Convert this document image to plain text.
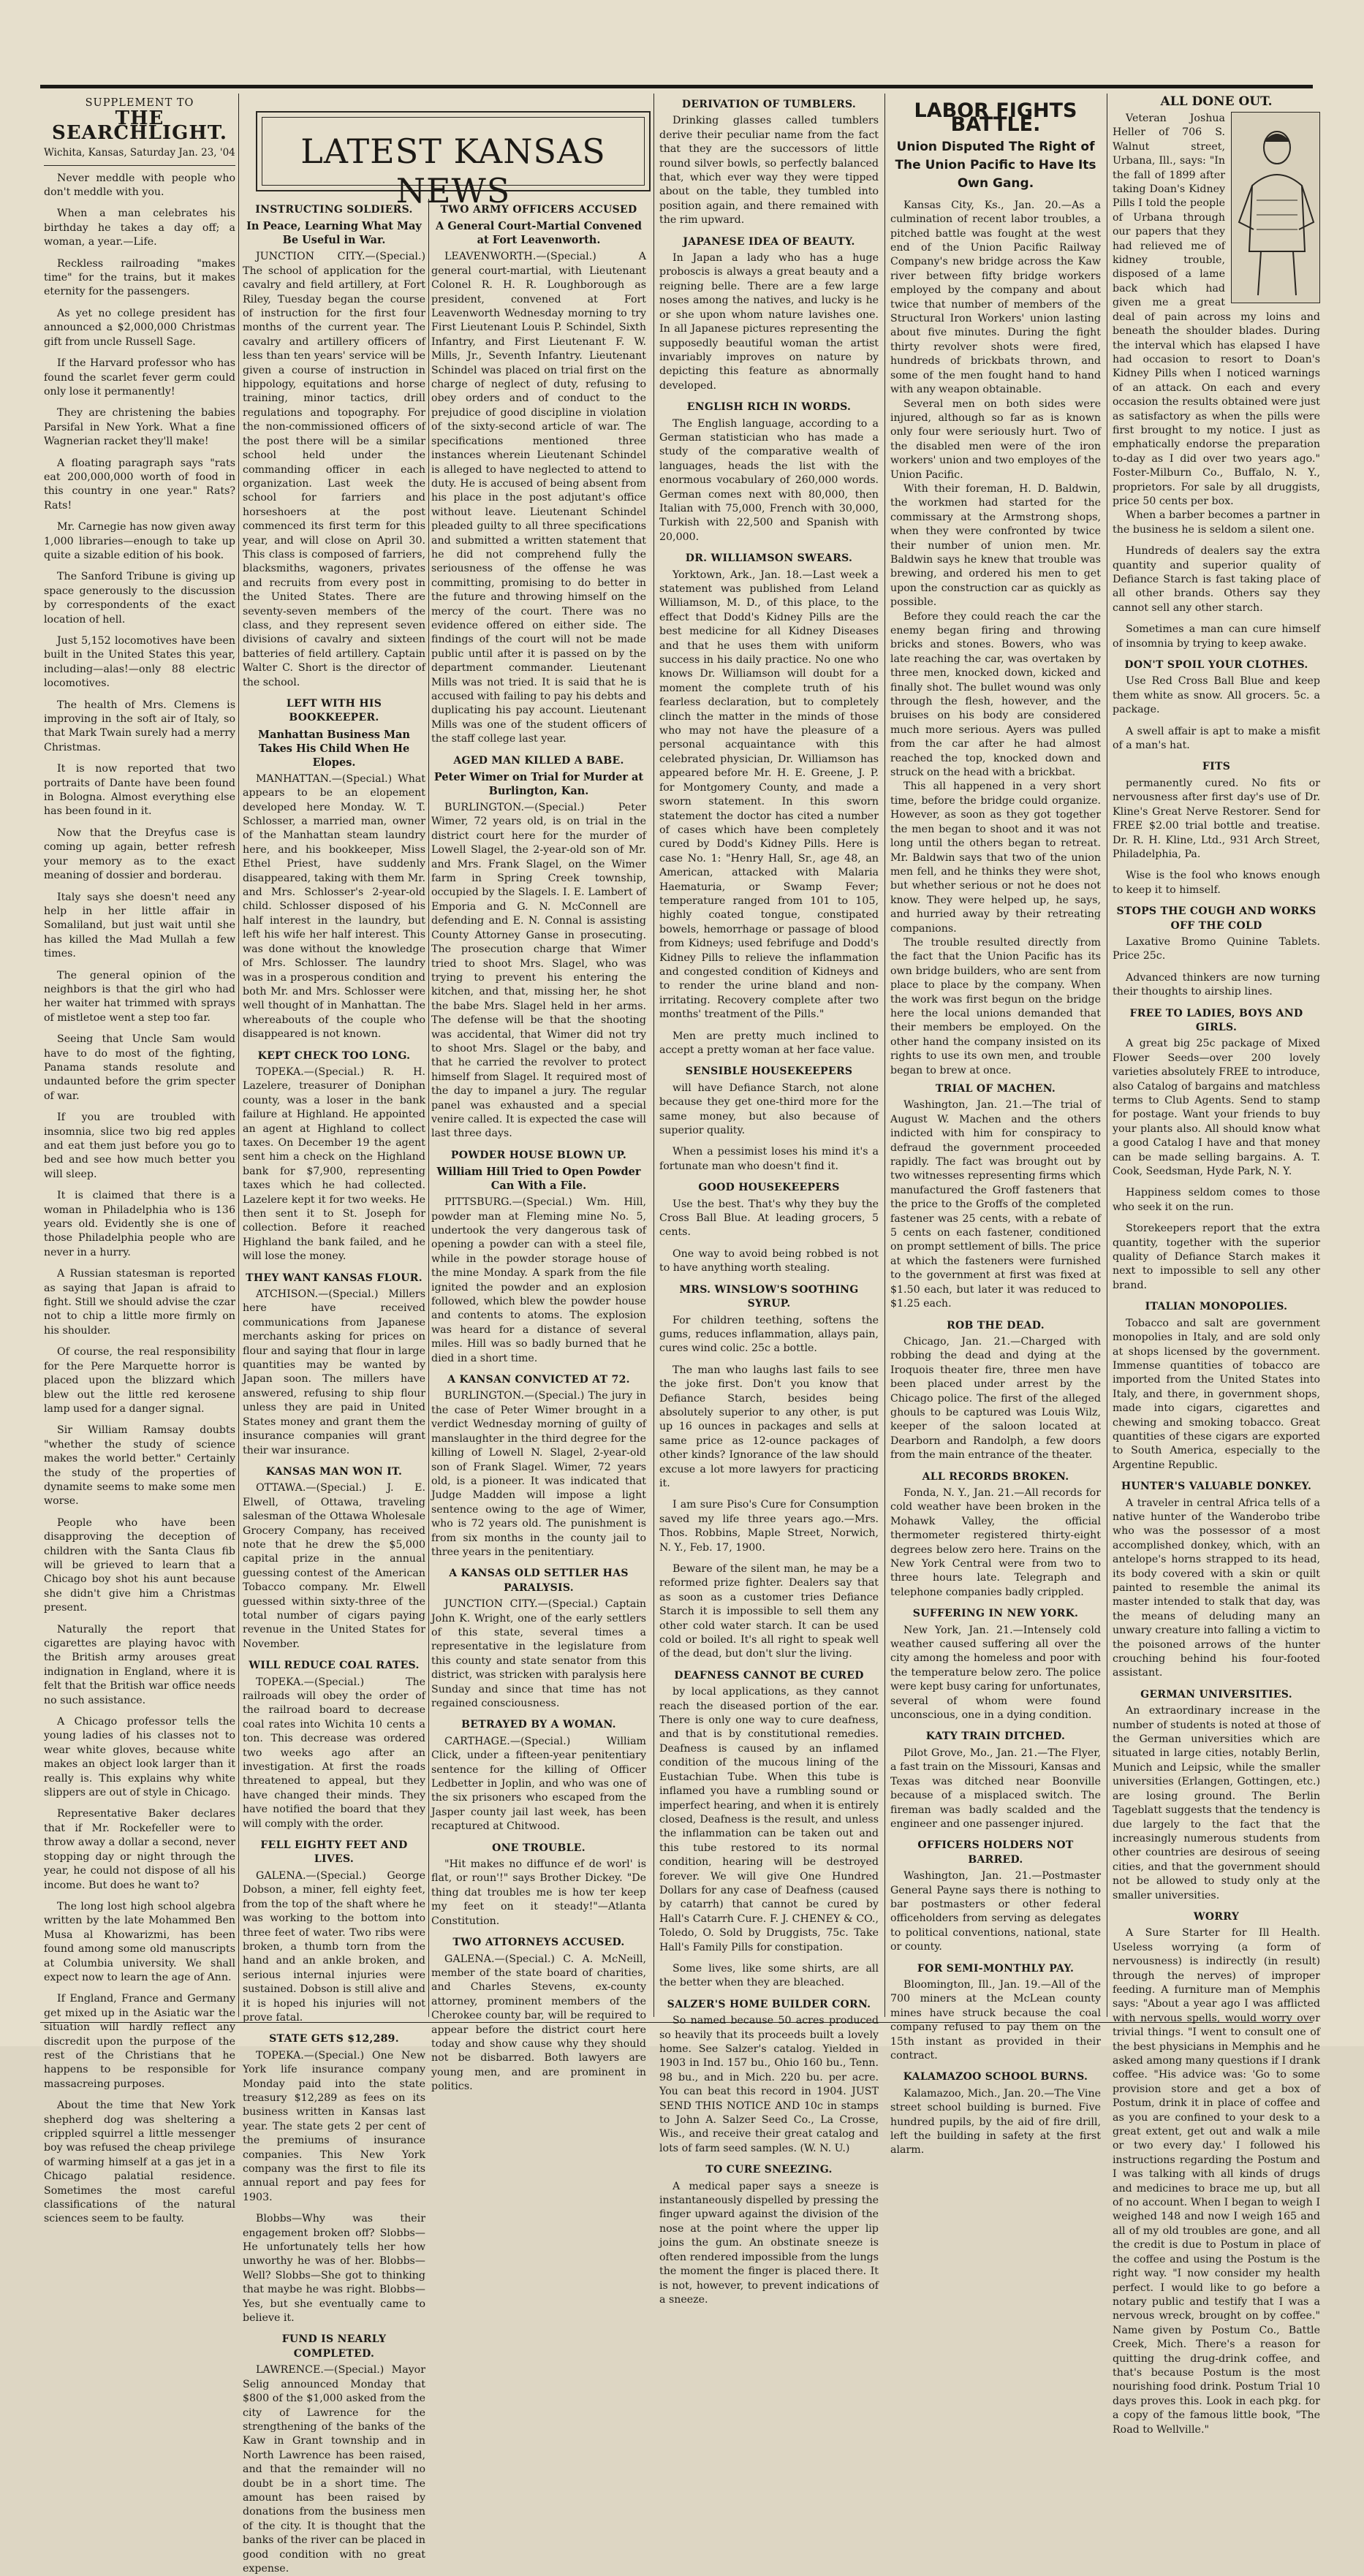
SUPPLEMENT TO
THE SEARCHLIGHT.
Wichita, Kansas, Saturday Jan. 23, '04
Never meddle with people who don't meddle with you.
When a man celebrates his birthday he takes a day off; a woman, a year.—Life.
Reckless railroading "makes time" for the trains, but it makes eternity for the passengers.
As yet no college president has announced a $2,000,000 Christmas gift from uncle Russell Sage.
If the Harvard professor who has found the scarlet fever germ could only lose it permanently!
They are christening the babies Parsifal in New York. What a fine Wagnerian racket they'll make!
A floating paragraph says "rats eat 200,000,000 worth of food in this country in one year." Rats? Rats!
Mr. Carnegie has now given away 1,000 libraries—enough to take up quite a sizable edition of his book.
The Sanford Tribune is giving up space generously to the discussion by correspondents of the exact location of hell.
Just 5,152 locomotives have been built in the United States this year, including—alas!—only 88 electric locomotives.
The health of Mrs. Clemens is improving in the soft air of Italy, so that Mark Twain surely had a merry Christmas.
It is now reported that two portraits of Dante have been found in Bologna. Almost everything else has been found in it.
Now that the Dreyfus case is coming up again, better refresh your memory as to the exact meaning of dossier and borderau.
Italy says she doesn't need any help in her little affair in Somaliland, but just wait until she has killed the Mad Mullah a few times.
The general opinion of the neighbors is that the girl who had her waiter hat trimmed with sprays of mistletoe went a step too far.
Seeing that Uncle Sam would have to do most of the fighting, Panama stands resolute and undaunted before the grim specter of war.
If you are troubled with insomnia, slice two big red apples and eat them just before you go to bed and see how much better you will sleep.
It is claimed that there is a woman in Philadelphia who is 136 years old. Evidently she is one of those Philadelphia people who are never in a hurry.
A Russian statesman is reported as saying that Japan is afraid to fight. Still we should advise the czar not to chip a little more firmly on his shoulder.
Of course, the real responsibility for the Pere Marquette horror is placed upon the blizzard which blew out the little red kerosene lamp used for a danger signal.
Sir William Ramsay doubts "whether the study of science makes the world better." Certainly the study of the properties of dynamite seems to make some men worse.
People who have been disapproving the deception of children with the Santa Claus fib will be grieved to learn that a Chicago boy shot his aunt because she didn't give him a Christmas present.
Naturally the report that cigarettes are playing havoc with the British army arouses great indignation in England, where it is felt that the British war office needs no such assistance.
A Chicago professor tells the young ladies of his classes not to wear white gloves, because white makes an object look larger than it really is. This explains why white slippers are out of style in Chicago.
Representative Baker declares that if Mr. Rockefeller were to throw away a dollar a second, never stopping day or night through the year, he could not dispose of all his income. But does he want to?
The long lost high school algebra written by the late Mohammed Ben Musa al Khowarizmi, has been found among some old manuscripts at Columbia university. We shall expect now to learn the age of Ann.
If England, France and Germany get mixed up in the Asiatic war the situation will hardly reflect any discredit upon the purpose of the rest of the Christians that he happens to be responsible for massacreing purposes.
About the time that New York shepherd dog was sheltering a crippled squirrel a little messenger boy was refused the cheap privilege of warming himself at a gas jet in a Chicago palatial residence. Sometimes the most careful classifications of the natural sciences seem to be faulty.
LATEST KANSAS NEWS
INSTRUCTING SOLDIERS.
In Peace, Learning What May Be Useful in War.
JUNCTION CITY.—(Special.) The school of application for the cavalry and field artillery, at Fort Riley, Tuesday began the course of instruction for the first four months of the current year. The cavalry and artillery officers of less than ten years' service will be given a course of instruction in hippology, equitations and horse training, minor tactics, drill regulations and topography. For the non-commissioned officers of the post there will be a similar school held under the commanding officer in each organization. Last week the school for farriers and horseshoers at the post commenced its first term for this year, and will close on April 30. This class is composed of farriers, blacksmiths, wagoners, privates and recruits from every post in the United States. There are seventy-seven members of the class, and they represent seven divisions of cavalry and sixteen batteries of field artillery. Captain Walter C. Short is the director of the school.
LEFT WITH HIS BOOKKEEPER.
Manhattan Business Man Takes His Child When He Elopes.
MANHATTAN.—(Special.) What appears to be an elopement developed here Monday. W. T. Schlosser, a married man, owner of the Manhattan steam laundry here, and his bookkeeper, Miss Ethel Priest, have suddenly disappeared, taking with them Mr. and Mrs. Schlosser's 2-year-old child. Schlosser disposed of his half interest in the laundry, but left his wife her half interest. This was done without the knowledge of Mrs. Schlosser. The laundry was in a prosperous condition and both Mr. and Mrs. Schlosser were well thought of in Manhattan. The whereabouts of the couple who disappeared is not known.
KEPT CHECK TOO LONG.
TOPEKA.—(Special.) R. H. Lazelere, treasurer of Doniphan county, was a loser in the bank failure at Highland. He appointed an agent at Highland to collect taxes. On December 19 the agent sent him a check on the Highland bank for $7,900, representing taxes which he had collected. Lazelere kept it for two weeks. He then sent it to St. Joseph for collection. Before it reached Highland the bank failed, and he will lose the money.
THEY WANT KANSAS FLOUR.
ATCHISON.—(Special.) Millers here have received communications from Japanese merchants asking for prices on flour and saying that flour in large quantities may be wanted by Japan soon. The millers have answered, refusing to ship flour unless they are paid in United States money and grant them the insurance companies will grant their war insurance.
KANSAS MAN WON IT.
OTTAWA.—(Special.) J. E. Elwell, of Ottawa, traveling salesman of the Ottawa Wholesale Grocery Company, has received note that he drew the $5,000 capital prize in the annual guessing contest of the American Tobacco company. Mr. Elwell guessed within sixty-three of the total number of cigars paying revenue in the United States for November.
WILL REDUCE COAL RATES.
TOPEKA.—(Special.) The railroads will obey the order of the railroad board to decrease coal rates into Wichita 10 cents a ton. This decrease was ordered two weeks ago after an investigation. At first the roads threatened to appeal, but they have changed their minds. They have notified the board that they will comply with the order.
FELL EIGHTY FEET AND LIVES.
GALENA.—(Special.) George Dobson, a miner, fell eighty feet, from the top of the shaft where he was working to the bottom into three feet of water. Two ribs were broken, a thumb torn from the hand and an ankle broken, and serious internal injuries were sustained. Dobson is still alive and it is hoped his injuries will not prove fatal.
STATE GETS $12,289.
TOPEKA.—(Special.) One New York life insurance company Monday paid into the state treasury $12,289 as fees on its business written in Kansas last year. The state gets 2 per cent of the premiums of insurance companies. This New York company was the first to file its annual report and pay fees for 1903.
Blobbs—Why was their engagement broken off? Slobbs—He unfortunately tells her how unworthy he was of her. Blobbs—Well? Slobbs—She got to thinking that maybe he was right. Blobbs—Yes, but she eventually came to believe it.
FUND IS NEARLY COMPLETED.
LAWRENCE.—(Special.) Mayor Selig announced Monday that $800 of the $1,000 asked from the city of Lawrence for the strengthening of the banks of the Kaw in Grant township and in North Lawrence has been raised, and that the remainder will no doubt be in a short time. The amount has been raised by donations from the business men of the city. It is thought that the banks of the river can be placed in good condition with no great expense.
TWO ARMY OFFICERS ACCUSED
A General Court-Martial Convened at Fort Leavenworth.
LEAVENWORTH.—(Special.) A general court-martial, with Lieutenant Colonel R. H. R. Loughborough as president, convened at Fort Leavenworth Wednesday morning to try First Lieutenant Louis P. Schindel, Sixth Infantry, and First Lieutenant F. W. Mills, Jr., Seventh Infantry. Lieutenant Schindel was placed on trial first on the charge of neglect of duty, refusing to obey orders and of conduct to the prejudice of good discipline in violation of the sixty-second article of war. The specifications mentioned three instances wherein Lieutenant Schindel is alleged to have neglected to attend to duty. He is accused of being absent from his place in the post adjutant's office without leave. Lieutenant Schindel pleaded guilty to all three specifications and submitted a written statement that he did not comprehend fully the seriousness of the offense he was committing, promising to do better in the future and throwing himself on the mercy of the court. There was no evidence offered on either side. The findings of the court will not be made public until after it is passed on by the department commander. Lieutenant Mills was not tried. It is said that he is accused with failing to pay his debts and duplicating his pay account. Lieutenant Mills was one of the student officers of the staff college last year.
AGED MAN KILLED A BABE.
Peter Wimer on Trial for Murder at Burlington, Kan.
BURLINGTON.—(Special.) Peter Wimer, 72 years old, is on trial in the district court here for the murder of Lowell Slagel, the 2-year-old son of Mr. and Mrs. Frank Slagel, on the Wimer farm in Spring Creek township, occupied by the Slagels. I. E. Lambert of Emporia and G. N. McConnell are defending and E. N. Connal is assisting County Attorney Ganse in prosecuting. The prosecution charge that Wimer tried to shoot Mrs. Slagel, who was trying to prevent his entering the kitchen, and that, missing her, he shot the babe Mrs. Slagel held in her arms. The defense will be that the shooting was accidental, that Wimer did not try to shoot Mrs. Slagel or the baby, and that he carried the revolver to protect himself from Slagel. It required most of the day to impanel a jury. The regular panel was exhausted and a special venire called. It is expected the case will last three days.
POWDER HOUSE BLOWN UP.
William Hill Tried to Open Powder Can With a File.
PITTSBURG.—(Special.) Wm. Hill, powder man at Fleming mine No. 5, undertook the very dangerous task of opening a powder can with a steel file, while in the powder storage house of the mine Monday. A spark from the file ignited the powder and an explosion followed, which blew the powder house and contents to atoms. The explosion was heard for a distance of several miles. Hill was so badly burned that he died in a short time.
A KANSAN CONVICTED AT 72.
BURLINGTON.—(Special.) The jury in the case of Peter Wimer brought in a verdict Wednesday morning of guilty of manslaughter in the third degree for the killing of Lowell N. Slagel, 2-year-old son of Frank Slagel. Wimer, 72 years old, is a pioneer. It was indicated that Judge Madden will impose a light sentence owing to the age of Wimer, who is 72 years old. The punishment is from six months in the county jail to three years in the penitentiary.
A KANSAS OLD SETTLER HAS PARALYSIS.
JUNCTION CITY.—(Special.) Captain John K. Wright, one of the early settlers of this state, several times a representative in the legislature from this county and state senator from this district, was stricken with paralysis here Sunday and since that time has not regained consciousness.
BETRAYED BY A WOMAN.
CARTHAGE.—(Special.) William Click, under a fifteen-year penitentiary sentence for the killing of Officer Ledbetter in Joplin, and who was one of the six prisoners who escaped from the Jasper county jail last week, has been recaptured at Chitwood.
ONE TROUBLE.
"Hit makes no diffunce ef de worl' is flat, or roun'!" says Brother Dickey. "De thing dat troubles me is how ter keep my feet on it steady!"—Atlanta Constitution.
TWO ATTORNEYS ACCUSED.
GALENA.—(Special.) C. A. McNeill, member of the state board of charities, and Charles Stevens, ex-county attorney, prominent members of the Cherokee county bar, will be required to appear before the district court here today and show cause why they should not be disbarred. Both lawyers are young men, and are prominent in politics.
DERIVATION OF TUMBLERS.
Drinking glasses called tumblers derive their peculiar name from the fact that they are the successors of little round silver bowls, so perfectly balanced that, which ever way they were tipped about on the table, they tumbled into position again, and there remained with the rim upward.
JAPANESE IDEA OF BEAUTY.
In Japan a lady who has a huge proboscis is always a great beauty and a reigning belle. There are a few large noses among the natives, and lucky is he or she upon whom nature lavishes one. In all Japanese pictures representing the supposedly beautiful woman the artist invariably improves on nature by depicting this feature as abnormally developed.
ENGLISH RICH IN WORDS.
The English language, according to a German statistician who has made a study of the comparative wealth of languages, heads the list with the enormous vocabulary of 260,000 words. German comes next with 80,000, then Italian with 75,000, French with 30,000, Turkish with 22,500 and Spanish with 20,000.
DR. WILLIAMSON SWEARS.
Yorktown, Ark., Jan. 18.—Last week a statement was published from Leland Williamson, M. D., of this place, to the effect that Dodd's Kidney Pills are the best medicine for all Kidney Diseases and that he uses them with uniform success in his daily practice. No one who knows Dr. Williamson will doubt for a moment the complete truth of his fearless declaration, but to completely clinch the matter in the minds of those who may not have the pleasure of a personal acquaintance with this celebrated physician, Dr. Williamson has appeared before Mr. H. E. Greene, J. P. for Montgomery County, and made a sworn statement. In this sworn statement the doctor has cited a number of cases which have been completely cured by Dodd's Kidney Pills. Here is case No. 1: "Henry Hall, Sr., age 48, an American, attacked with Malaria Haematuria, or Swamp Fever; temperature ranged from 101 to 105, highly coated tongue, constipated bowels, hemorrhage or passage of blood from Kidneys; used febrifuge and Dodd's Kidney Pills to relieve the inflammation and congested condition of Kidneys and to render the urine bland and non-irritating. Recovery complete after two months' treatment of the Pills."
Men are pretty much inclined to accept a pretty woman at her face value.
SENSIBLE HOUSEKEEPERS
will have Defiance Starch, not alone because they get one-third more for the same money, but also because of superior quality.
When a pessimist loses his mind it's a fortunate man who doesn't find it.
GOOD HOUSEKEEPERS
Use the best. That's why they buy the Cross Ball Blue. At leading grocers, 5 cents.
One way to avoid being robbed is not to have anything worth stealing.
MRS. WINSLOW'S SOOTHING SYRUP.
For children teething, softens the gums, reduces inflammation, allays pain, cures wind colic. 25c a bottle.
The man who laughs last fails to see the joke first. Don't you know that Defiance Starch, besides being absolutely superior to any other, is put up 16 ounces in packages and sells at same price as 12-ounce packages of other kinds? Ignorance of the law should excuse a lot more lawyers for practicing it.
I am sure Piso's Cure for Consumption saved my life three years ago.—Mrs. Thos. Robbins, Maple Street, Norwich, N. Y., Feb. 17, 1900.
Beware of the silent man, he may be a reformed prize fighter. Dealers say that as soon as a customer tries Defiance Starch it is impossible to sell them any other cold water starch. It can be used cold or boiled. It's all right to speak well of the dead, but don't slur the living.
DEAFNESS CANNOT BE CURED
by local applications, as they cannot reach the diseased portion of the ear. There is only one way to cure deafness, and that is by constitutional remedies. Deafness is caused by an inflamed condition of the mucous lining of the Eustachian Tube. When this tube is inflamed you have a rumbling sound or imperfect hearing, and when it is entirely closed, Deafness is the result, and unless the inflammation can be taken out and this tube restored to its normal condition, hearing will be destroyed forever. We will give One Hundred Dollars for any case of Deafness (caused by catarrh) that cannot be cured by Hall's Catarrh Cure. F. J. CHENEY & CO., Toledo, O. Sold by Druggists, 75c. Take Hall's Family Pills for constipation.
Some lives, like some shirts, are all the better when they are bleached.
SALZER'S HOME BUILDER CORN.
So named because 50 acres produced so heavily that its proceeds built a lovely home. See Salzer's catalog. Yielded in 1903 in Ind. 157 bu., Ohio 160 bu., Tenn. 98 bu., and in Mich. 220 bu. per acre. You can beat this record in 1904. JUST SEND THIS NOTICE AND 10c in stamps to John A. Salzer Seed Co., La Crosse, Wis., and receive their great catalog and lots of farm seed samples. (W. N. U.)
TO CURE SNEEZING.
A medical paper says a sneeze is instantaneously dispelled by pressing the finger upward against the division of the nose at the point where the upper lip joins the gum. An obstinate sneeze is often rendered impossible from the lungs the moment the finger is placed there. It is not, however, to prevent indications of a sneeze.
LABOR FIGHTS BATTLE.
Union Disputed The Right of The Union Pacific to Have Its Own Gang.
Kansas City, Ks., Jan. 20.—As a culmination of recent labor troubles, a pitched battle was fought at the west end of the Union Pacific Railway Company's new bridge across the Kaw river between fifty bridge workers employed by the company and about twice that number of members of the Structural Iron Workers' union lasting about five minutes. During the fight thirty revolver shots were fired, hundreds of brickbats thrown, and some of the men fought hand to hand with any weapon obtainable.
Several men on both sides were injured, although so far as is known only four were seriously hurt. Two of the disabled men were of the iron workers' union and two employes of the Union Pacific.
With their foreman, H. D. Baldwin, the workmen had started for the commissary at the Armstrong shops, when they were confronted by twice their number of union men. Mr. Baldwin says he knew that trouble was brewing, and ordered his men to get upon the construction car as quickly as possible.
Before they could reach the car the enemy began firing and throwing bricks and stones. Bowers, who was late reaching the car, was overtaken by three men, knocked down, kicked and finally shot. The bullet wound was only through the flesh, however, and the bruises on his body are considered much more serious. Ayers was pulled from the car after he had almost reached the top, knocked down and struck on the head with a brickbat.
This all happened in a very short time, before the bridge could organize. However, as soon as they got together the men began to shoot and it was not long until the others began to retreat. Mr. Baldwin says that two of the union men fell, and he thinks they were shot, but whether serious or not he does not know. They were helped up, he says, and hurried away by their retreating companions.
The trouble resulted directly from the fact that the Union Pacific has its own bridge builders, who are sent from place to place by the company. When the work was first begun on the bridge here the local unions demanded that their members be employed. On the other hand the company insisted on its rights to use its own men, and trouble began to brew at once.
TRIAL OF MACHEN.
Washington, Jan. 21.—The trial of August W. Machen and the others indicted with him for conspiracy to defraud the government proceeded rapidly. The fact was brought out by two witnesses representing firms which manufactured the Groff fasteners that the price to the Groffs of the completed fastener was 25 cents, with a rebate of 5 cents on each fastener, conditioned on prompt settlement of bills. The price at which the fasteners were furnished to the government at first was fixed at $1.50 each, but later it was reduced to $1.25 each.
ROB THE DEAD.
Chicago, Jan. 21.—Charged with robbing the dead and dying at the Iroquois theater fire, three men have been placed under arrest by the Chicago police. The first of the alleged ghouls to be captured was Louis Wilz, keeper of the saloon located at Dearborn and Randolph, a few doors from the main entrance of the theater.
ALL RECORDS BROKEN.
Fonda, N. Y., Jan. 21.—All records for cold weather have been broken in the Mohawk Valley, the official thermometer registered thirty-eight degrees below zero here. Trains on the New York Central were from two to three hours late. Telegraph and telephone companies badly crippled.
SUFFERING IN NEW YORK.
New York, Jan. 21.—Intensely cold weather caused suffering all over the city among the homeless and poor with the temperature below zero. The police were kept busy caring for unfortunates, several of whom were found unconscious, one in a dying condition.
KATY TRAIN DITCHED.
Pilot Grove, Mo., Jan. 21.—The Flyer, a fast train on the Missouri, Kansas and Texas was ditched near Boonville because of a misplaced switch. The fireman was badly scalded and the engineer and one passenger injured.
OFFICERS HOLDERS NOT BARRED.
Washington, Jan. 21.—Postmaster General Payne says there is nothing to bar postmasters or other federal officeholders from serving as delegates to political conventions, national, state or county.
FOR SEMI-MONTHLY PAY.
Bloomington, Ill., Jan. 19.—All of the 700 miners at the McLean county mines have struck because the coal company refused to pay them on the 15th instant as provided in their contract.
KALAMAZOO SCHOOL BURNS.
Kalamazoo, Mich., Jan. 20.—The Vine street school building is burned. Five hundred pupils, by the aid of fire drill, left the building in safety at the first alarm.
ALL DONE OUT.
Veteran Joshua Heller of 706 S. Walnut street, Urbana, Ill., says: "In the fall of 1899 after taking Doan's Kidney Pills I told the people of Urbana through our papers that they had relieved me of kidney trouble, disposed of a lame back which had given me a great deal of pain across my loins and beneath the shoulder blades. During the interval which has elapsed I have had occasion to resort to Doan's Kidney Pills when I noticed warnings of an attack. On each and every occasion the results obtained were just as satisfactory as when the pills were first brought to my notice. I just as emphatically endorse the preparation to-day as I did over two years ago." Foster-Milburn Co., Buffalo, N. Y., proprietors. For sale by all druggists, price 50 cents per box.
When a barber becomes a partner in the business he is seldom a silent one.
Hundreds of dealers say the extra quantity and superior quality of Defiance Starch is fast taking place of all other brands. Others say they cannot sell any other starch.
Sometimes a man can cure himself of insomnia by trying to keep awake.
DON'T SPOIL YOUR CLOTHES.
Use Red Cross Ball Blue and keep them white as snow. All grocers. 5c. a package.
A swell affair is apt to make a misfit of a man's hat.
FITS
permanently cured. No fits or nervousness after first day's use of Dr. Kline's Great Nerve Restorer. Send for FREE $2.00 trial bottle and treatise. Dr. R. H. Kline, Ltd., 931 Arch Street, Philadelphia, Pa.
Wise is the fool who knows enough to keep it to himself.
STOPS THE COUGH AND WORKS OFF THE COLD
Laxative Bromo Quinine Tablets. Price 25c.
Advanced thinkers are now turning their thoughts to airship lines.
FREE TO LADIES, BOYS AND GIRLS.
A great big 25c package of Mixed Flower Seeds—over 200 lovely varieties absolutely FREE to introduce, also Catalog of bargains and matchless terms to Club Agents. Send to stamp for postage. Want your friends to buy your plants also. All should know what a good Catalog I have and that money can be made selling bargains. A. T. Cook, Seedsman, Hyde Park, N. Y.
Happiness seldom comes to those who seek it on the run.
Storekeepers report that the extra quantity, together with the superior quality of Defiance Starch makes it next to impossible to sell any other brand.
ITALIAN MONOPOLIES.
Tobacco and salt are government monopolies in Italy, and are sold only at shops licensed by the government. Immense quantities of tobacco are imported from the United States into Italy, and there, in government shops, made into cigars, cigarettes and chewing and smoking tobacco. Great quantities of these cigars are exported to South America, especially to the Argentine Republic.
HUNTER'S VALUABLE DONKEY.
A traveler in central Africa tells of a native hunter of the Wanderobo tribe who was the possessor of a most accomplished donkey, which, with an antelope's horns strapped to its head, its body covered with a skin or quilt painted to resemble the animal its master intended to stalk that day, was the means of deluding many an unwary creature into falling a victim to the poisoned arrows of the hunter crouching behind his four-footed assistant.
GERMAN UNIVERSITIES.
An extraordinary increase in the number of students is noted at those of the German universities which are situated in large cities, notably Berlin, Munich and Leipsic, while the smaller universities (Erlangen, Gottingen, etc.) are losing ground. The Berlin Tageblatt suggests that the tendency is due largely to the fact that the increasingly numerous students from other countries are desirous of seeing cities, and that the government should not be allowed to study only at the smaller universities.
WORRY
A Sure Starter for Ill Health. Useless worrying (a form of nervousness) is indirectly (in result) through the nerves) of improper feeding. A furniture man of Memphis says: "About a year ago I was afflicted with nervous spells, would worry over trivial things. "I went to consult one of the best physicians in Memphis and he asked among many questions if I drank coffee. "His advice was: 'Go to some provision store and get a box of Postum, drink it in place of coffee and as you are confined to your desk to a great extent, get out and walk a mile or two every day.' I followed his instructions regarding the Postum and I was talking with all kinds of drugs and medicines to brace me up, but all of no account. When I began to weigh I weighed 148 and now I weigh 165 and all of my old troubles are gone, and all the credit is due to Postum in place of the coffee and using the Postum is the right way. "I now consider my health perfect. I would like to go before a notary public and testify that I was a nervous wreck, brought on by coffee." Name given by Postum Co., Battle Creek, Mich. There's a reason for quitting the drug-drink coffee, and that's because Postum is the most nourishing food drink. Postum Trial 10 days proves this. Look in each pkg. for a copy of the famous little book, "The Road to Wellville."
